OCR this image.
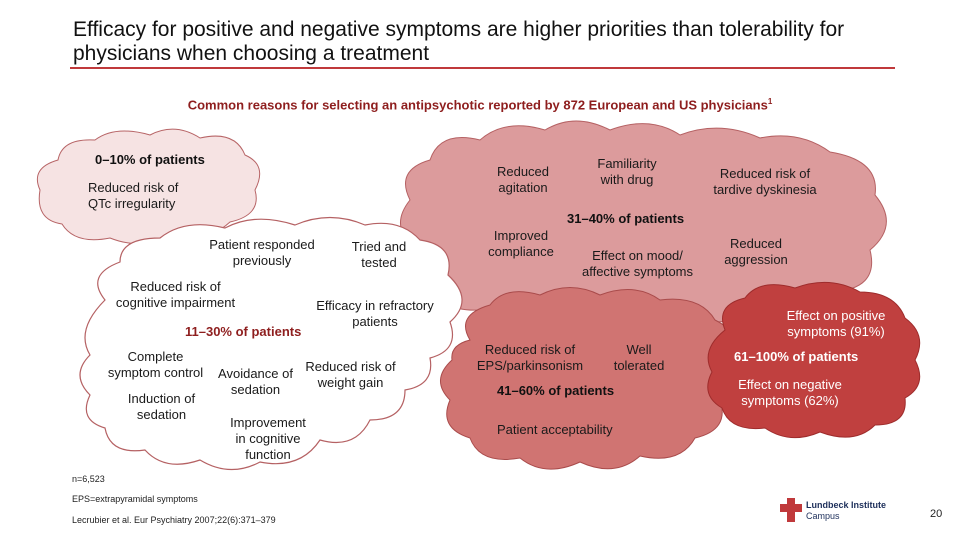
Efficacy for positive and negative symptoms are higher priorities than tolerability for physicians when choosing a treatment
Common reasons for selecting an antipsychotic reported by 872 European and US physicians$^1$
0–10% of patients
Reduced risk of QTc irregularity
Reduced agitation
Familiarity with drug	Reduced risk of tardive dyskinesia
31–40% of patients
Improved compliance	Effect on mood/ affective symptoms
Reduced aggression
Patient responded previously
Tried and tested
Reduced risk of cognitive impairment	Efficacy in refractory patients
11–30% of patients
Complete symptom control	Avoidance of sedation
Reduced risk of weight gain
Induction of sedation
Improvement in cognitive function
Reduced risk of EPS/parkinsonism
Well tolerated
41–60% of patients
Patient acceptability
Effect on positive symptoms (91%)
61–100% of patients
Effect on negative symptoms (62%)
n=6,523
EPS=extrapyramidal symptoms
Lecrubier et al. Eur Psychiatry 2007;22(6):371–379
Lundbeck Institute
Campus	20
